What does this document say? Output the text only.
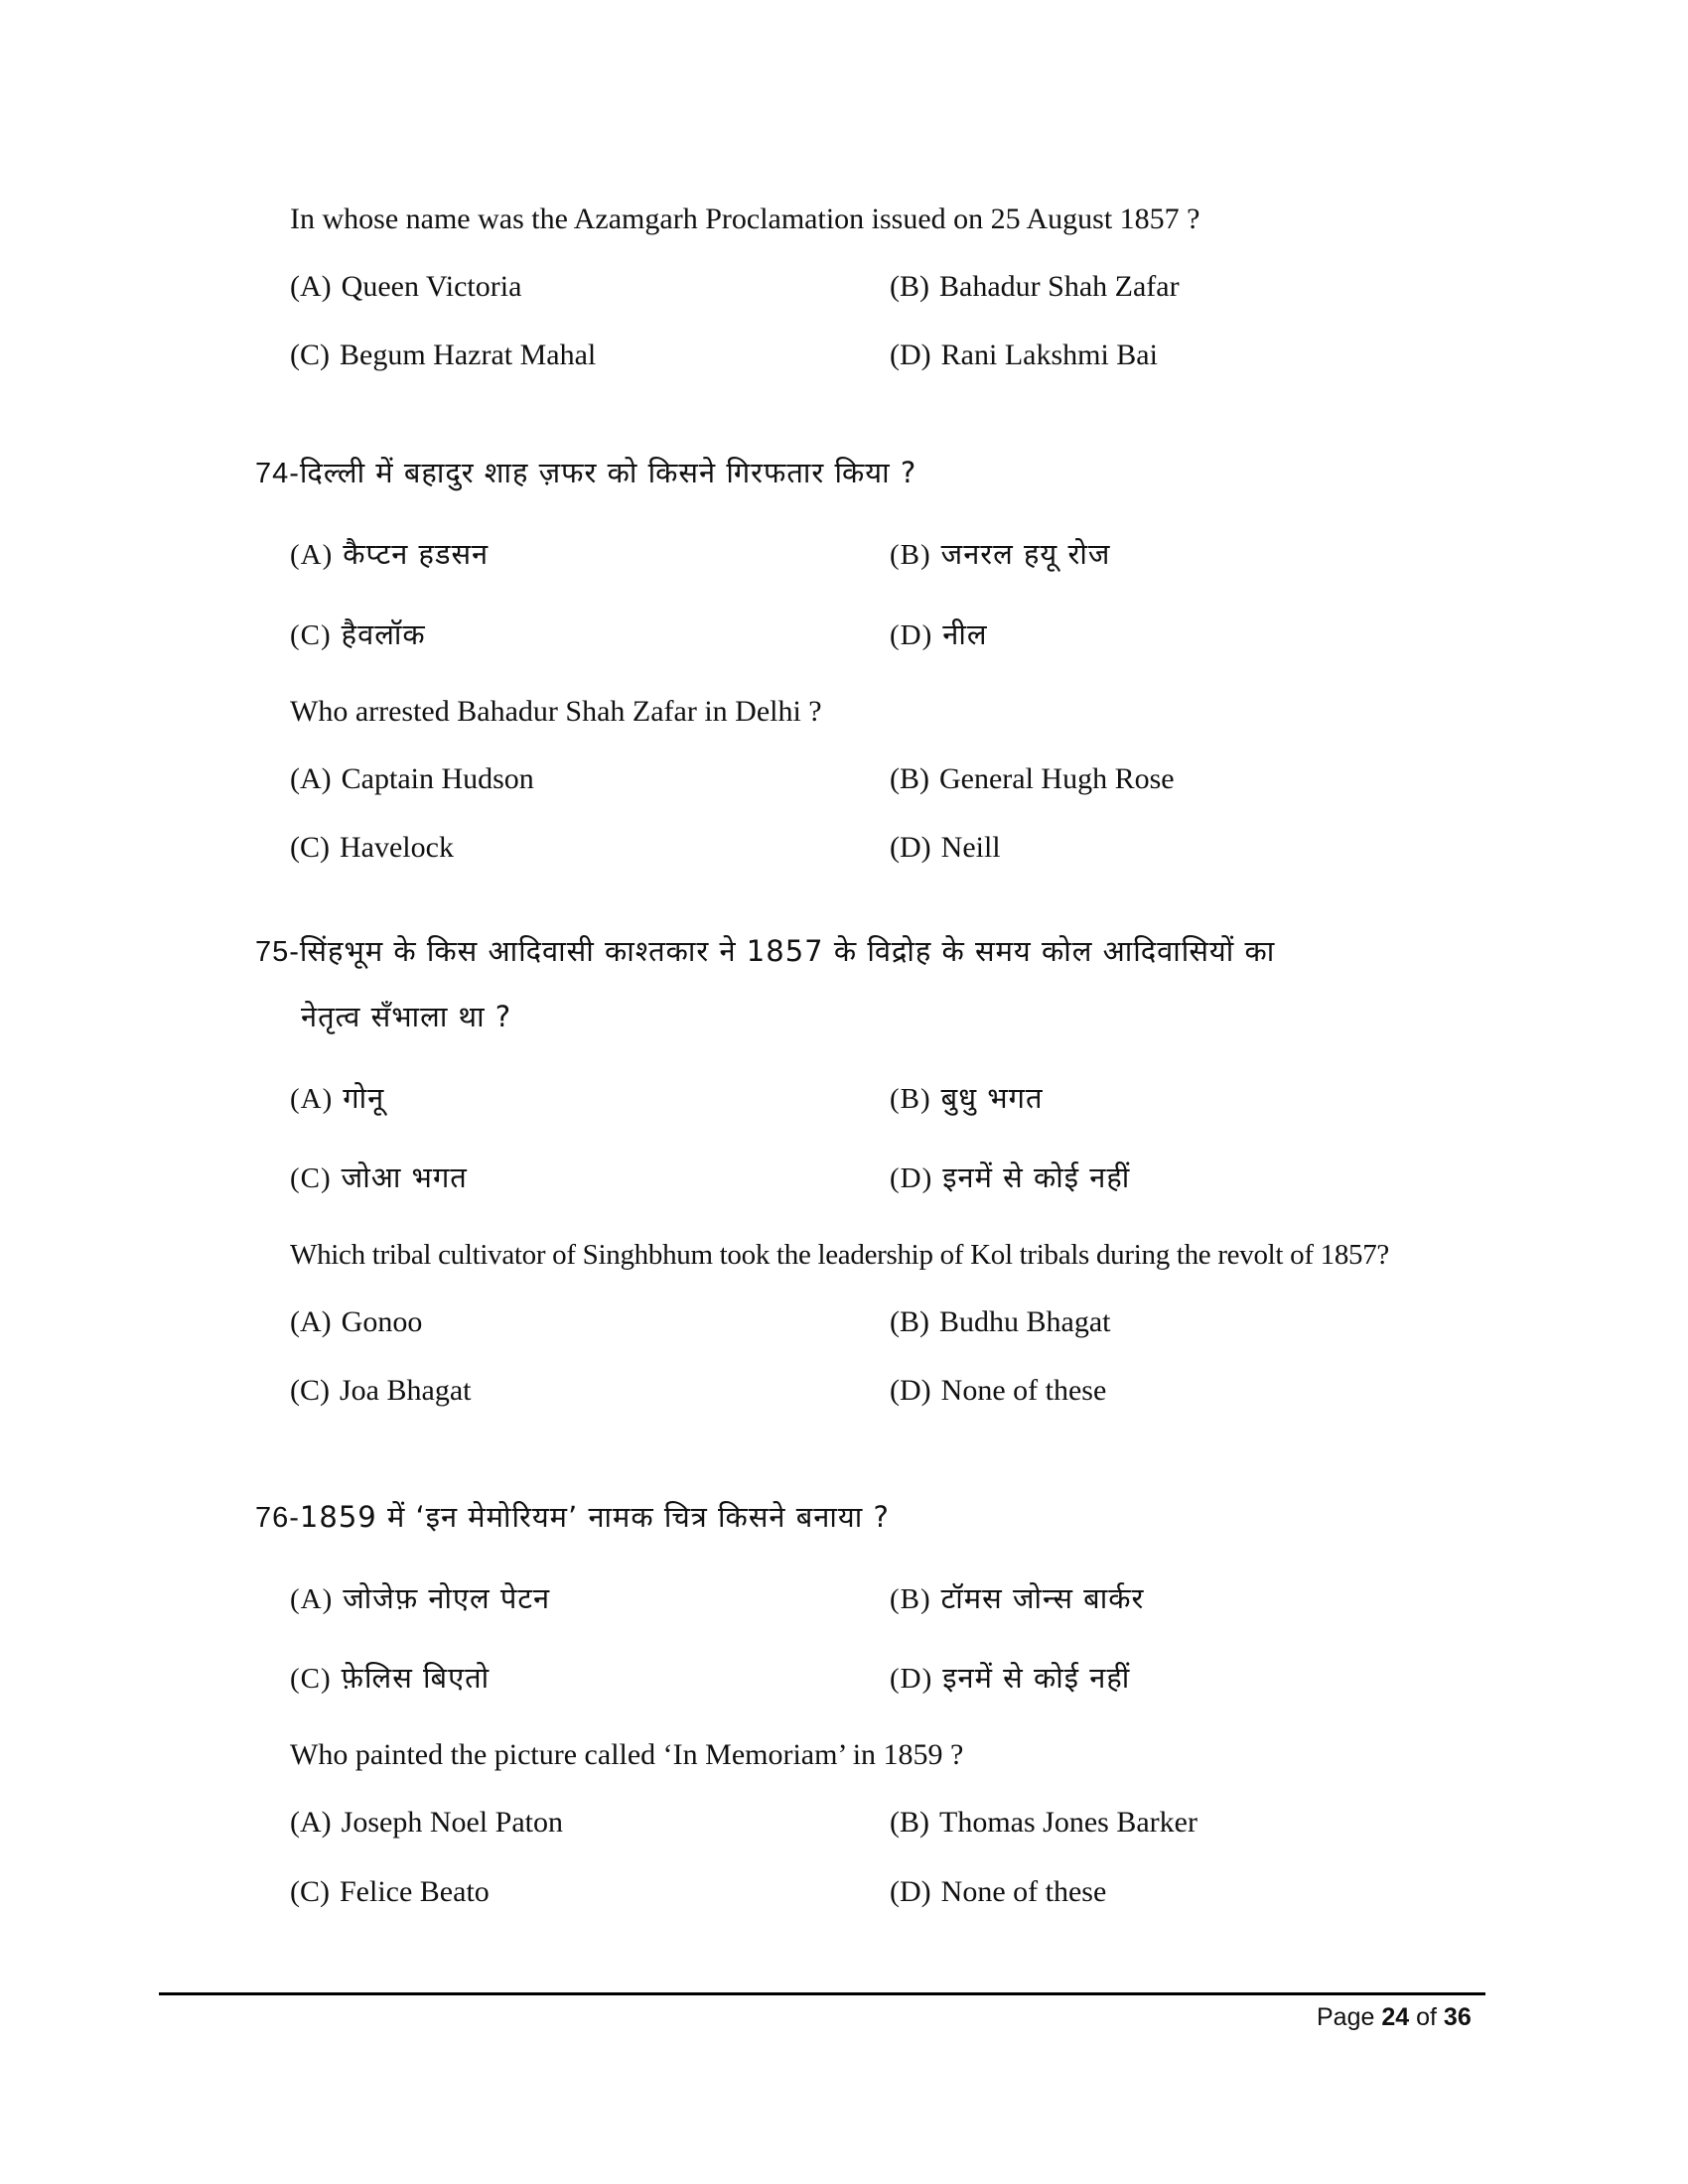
In whose name was the Azamgarh Proclamation issued on 25 August 1857 ?
(A) Queen Victoria	(B) Bahadur Shah Zafar
(C) Begum Hazrat Mahal	(D) Rani Lakshmi Bai
74-दिल्ली में बहादुर शाह ज़फर को किसने गिरफतार किया ?
(A) कैप्टन हडसन	(B) जनरल हयू रोज
(C) हैवलॉक	(D) नील
Who arrested Bahadur Shah Zafar in Delhi ?
(A) Captain Hudson	(B) General Hugh Rose
(C) Havelock	(D) Neill
75-सिंहभूम के किस आदिवासी काश्तकार ने 1857 के विद्रोह के समय कोल आदिवासियों का
नेतृत्व सँभाला था ?
(A) गोनू	(B) बुधु भगत
(C) जोआ भगत	(D) इनमें से कोई नहीं
Which tribal cultivator of Singhbhum took the leadership of Kol tribals during the revolt of 1857?
(A) Gonoo	(B) Budhu Bhagat
(C) Joa Bhagat	(D) None of these
76-1859 में ‘इन मेमोरियम’ नामक चित्र किसने बनाया ?
(A) जोजेफ़ नोएल पेटन	(B) टॉमस जोन्स बार्कर
(C) फ़ेलिस बिएतो	(D) इनमें से कोई नहीं
Who painted the picture called ‘In Memoriam’ in 1859 ?
(A) Joseph Noel Paton	(B) Thomas Jones Barker
(C) Felice Beato	(D) None of these
Page 24 of 36
